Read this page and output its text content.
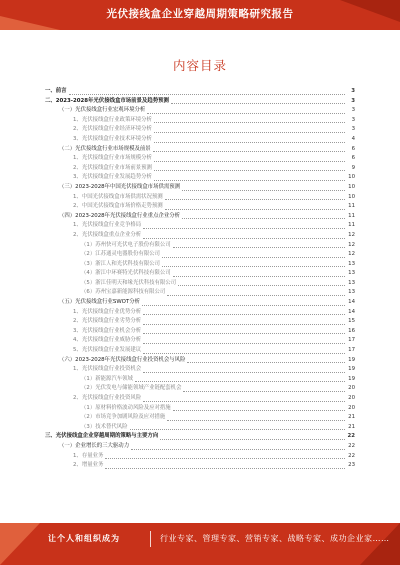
光伏接线盒企业穿越周期策略研究报告
内容目录
一、前言	3
二、2023-2028年光伏接线盒市场前景及趋势预测	3
（一）光伏接线盒行业宏观环境分析	3
1、光伏接线盒行业政策环境分析	3
2、光伏接线盒行业经济环境分析	3
3、光伏接线盒行业技术环境分析	4
（二）光伏接线盒行业市场规模及前景	6
1、光伏接线盒行业市场规模分析	6
2、光伏接线盒行业市场前景预测	9
3、光伏接线盒行业发展趋势分析	10
（三）2023-2028年中国光伏接线盒市场供需预测	10
1、中国光伏接线盒市场供需状况预测	10
2、中国光伏接线盒市场价格走势预测	11
（四）2023-2028年光伏接线盒行业重点企业分析	11
1、光伏接线盒行业竞争格局	11
2、光伏接线盒重点企业分析	12
（1）苏州快可光伏电子股份有限公司	12
（2）江苏通灵电器股份有限公司	12
（3）浙江人和光伏科技有限公司	13
（4）浙江中环赛特光伏科技有限公司	13
（5）浙江佳明天和缘光伏科技有限公司	13
（6）苏州宝嘉新能源科技有限公司	13
（五）光伏接线盒行业SWOT分析	14
1、光伏接线盒行业优势分析	14
2、光伏接线盒行业劣势分析	15
3、光伏接线盒行业机会分析	16
4、光伏接线盒行业威胁分析	17
5、光伏接线盒行业发展建议	17
（六）2023-2028年光伏接线盒行业投资机会与风险	19
1、光伏接线盒行业投资机会	19
（1）新能源汽车领域	19
（2）光伏发电与储能领域产业链配套机会	20
2、光伏接线盒行业投资风险	20
（1）原材料价格波动风险及应对措施	20
（2）市场竞争加剧风险及应对措施	21
（3）技术替代风险	21
三、光伏接线盒企业穿越周期的策略与主要方向	22
（一）企业增长的三大驱动力	22
1、存量业务	22
2、增量业务	23
让个人和组织成为	行业专家、管理专家、营销专家、战略专家、成功企业家……
